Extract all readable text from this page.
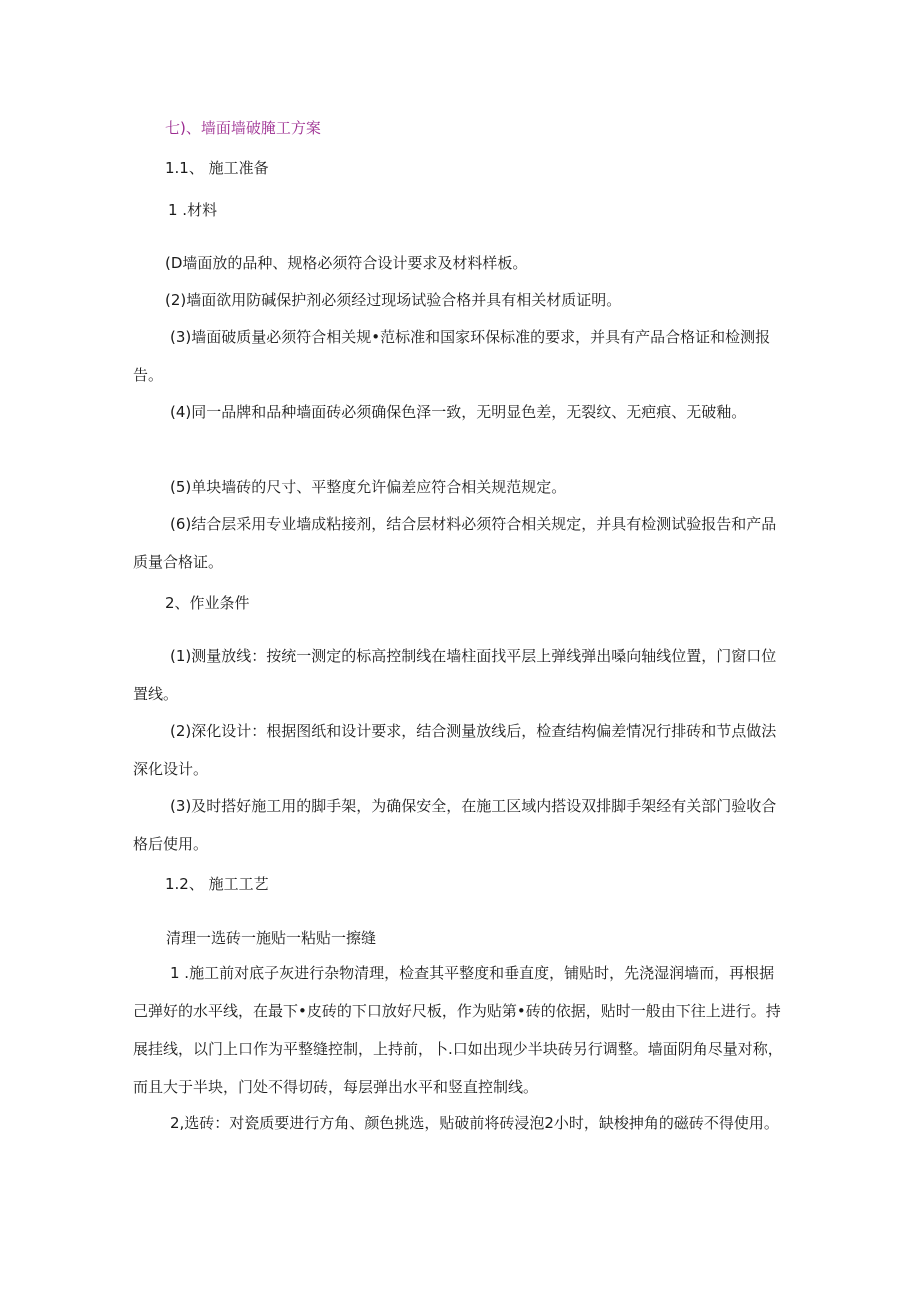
七)、墙面墙破腌工方案
1.1、 施工准备
1 .材料
(D墙面放的品种、规格必须符合设计要求及材料样板。
(2)墙面欲用防碱保护剂必须经过现场试验合格并具有相关材质证明。
(3)墙面破质量必须符合相关规•范标准和国家环保标准的要求，并具有产品合格证和检测报告。
(4)同一品牌和品种墙面砖必须确保色泽一致，无明显色差，无裂纹、无疤痕、无破釉。
(5)单块墙砖的尺寸、平整度允许偏差应符合相关规范规定。
(6)结合层采用专业墙成粘接剂，结合层材料必须符合相关规定，并具有检测试验报告和产品质量合格证。
2、作业条件
(1)测量放线：按统一测定的标高控制线在墙柱面找平层上弹线弹出嗓向轴线位置，门窗口位置线。
(2)深化设计：根据图纸和设计要求，结合测量放线后，检查结构偏差情况行排砖和节点做法深化设计。
(3)及时搭好施工用的脚手架，为确保安全，在施工区域内搭设双排脚手架经有关部门验收合格后使用。
1.2、 施工工艺
清理一选砖一施贴一粘贴一擦缝
1 .施工前对底子灰进行杂物清理，检查其平整度和垂直度，铺贴时，先浇湿润墙而，再根据己弹好的水平线，在最下•皮砖的下口放好尺板，作为贴第•砖的依据，贴时一般由下往上进行。持展挂线，以门上口作为平整缝控制，上持前，卜.口如出现少半块砖另行调整。墙面阴角尽量对称，而且大于半块，门处不得切砖，每层弹出水平和竖直控制线。
2,选砖：对瓷质要进行方角、颜色挑选，贴破前将砖浸泡2小时，缺梭抻角的磁砖不得使用。
